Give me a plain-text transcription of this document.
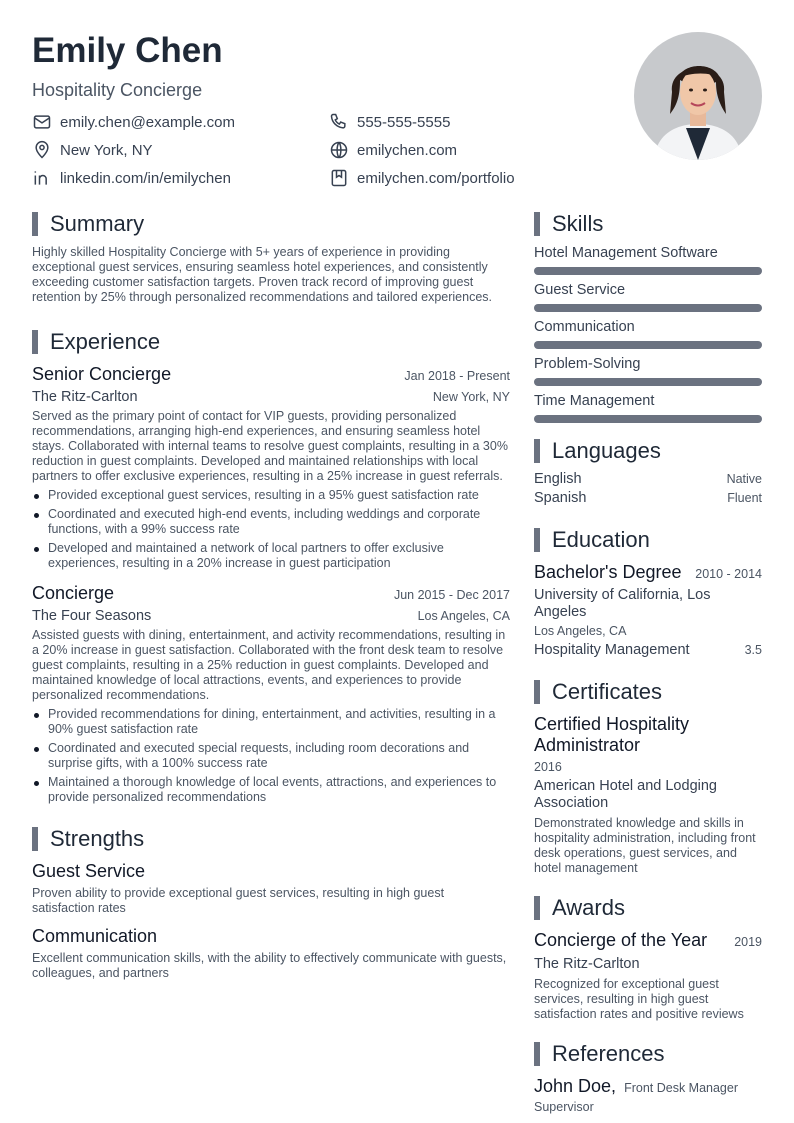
Emily Chen
Hospitality Concierge
emily.chen@example.com	555-555-5555
New York, NY	emilychen.com
linkedin.com/in/emilychen	emilychen.com/portfolio
Summary
Highly skilled Hospitality Concierge with 5+ years of experience in providing exceptional guest services, ensuring seamless hotel experiences, and consistently exceeding customer satisfaction targets. Proven track record of improving guest retention by 25% through personalized recommendations and tailored experiences.
Experience
Senior Concierge	Jan 2018 - Present
The Ritz-Carlton	New York, NY
Served as the primary point of contact for VIP guests, providing personalized recommendations, arranging high-end experiences, and ensuring seamless hotel stays. Collaborated with internal teams to resolve guest complaints, resulting in a 30% reduction in guest complaints. Developed and maintained relationships with local partners to offer exclusive experiences, resulting in a 25% increase in guest referrals.
Provided exceptional guest services, resulting in a 95% guest satisfaction rate
Coordinated and executed high-end events, including weddings and corporate functions, with a 99% success rate
Developed and maintained a network of local partners to offer exclusive experiences, resulting in a 20% increase in guest participation
Concierge	Jun 2015 - Dec 2017
The Four Seasons	Los Angeles, CA
Assisted guests with dining, entertainment, and activity recommendations, resulting in a 20% increase in guest satisfaction. Collaborated with the front desk team to resolve guest complaints, resulting in a 25% reduction in guest complaints. Developed and maintained knowledge of local attractions, events, and experiences to provide personalized recommendations.
Provided recommendations for dining, entertainment, and activities, resulting in a 90% guest satisfaction rate
Coordinated and executed special requests, including room decorations and surprise gifts, with a 100% success rate
Maintained a thorough knowledge of local events, attractions, and experiences to provide personalized recommendations
Strengths
Guest Service
Proven ability to provide exceptional guest services, resulting in high guest satisfaction rates
Communication
Excellent communication skills, with the ability to effectively communicate with guests, colleagues, and partners
Skills
Hotel Management Software
Guest Service
Communication
Problem-Solving
Time Management
Languages
English	Native
Spanish	Fluent
Education
Bachelor's Degree 2010 - 2014
University of California, Los Angeles
Los Angeles, CA
Hospitality Management	3.5
Certificates
Certified Hospitality Administrator
2016
American Hotel and Lodging Association
Demonstrated knowledge and skills in hospitality administration, including front desk operations, guest services, and hotel management
Awards
Concierge of the Year 2019
The Ritz-Carlton
Recognized for exceptional guest services, resulting in high guest satisfaction rates and positive reviews
References
John Doe, Front Desk Manager
Supervisor
